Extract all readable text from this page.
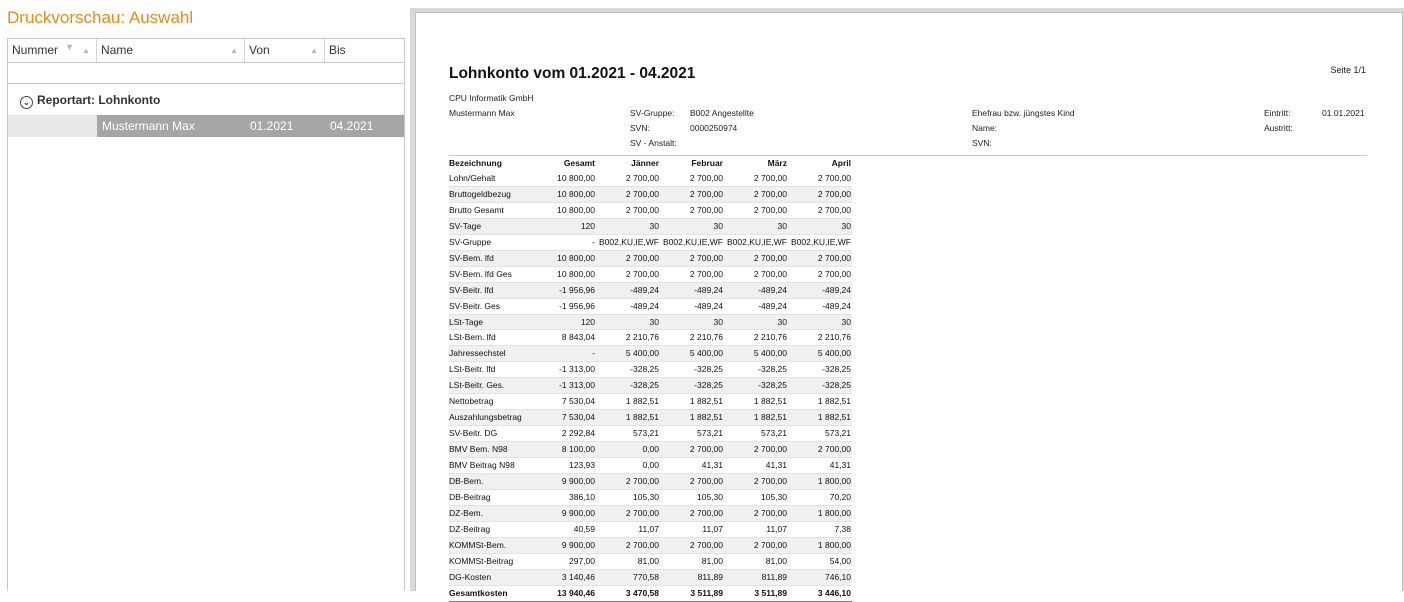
Druckvorschau: Auswahl
Nummer ▼ ▲ Name	▲ Von	▲ Bis
⌄ Reportart: Lohnkonto
Mustermann Max	01.2021	04.2021
Lohnkonto vom 01.2021 - 04.2021	Seite 1/1
CPU Informatik GmbH
Mustermann Max	SV-Gruppe: B002 Angestellte
SVN:	0000250974
SV - Anstalt:
Ehefrau bzw. jüngstes Kind
Name:
SVN:
Eintritt:	01.01.2021
Austritt:
Bezeichnung	Gesamt	Jänner	Februar	März	April
Lohn/Gehalt	10 800,00	2 700,00	2 700,00	2 700,00	2 700,00
Bruttogeldbezug	10 800,00	2 700,00	2 700,00	2 700,00	2 700,00
Brutto Gesamt	10 800,00	2 700,00	2 700,00	2 700,00	2 700,00
SV-Tage	120	30	30	30	30
SV-Gruppe	-	B002,KU,IE,WF	B002,KU,IE,WF	B002,KU,IE,WF	B002,KU,IE,WF
SV-Bem. lfd	10 800,00	2 700,00	2 700,00	2 700,00	2 700,00
SV-Bem. lfd Ges	10 800,00	2 700,00	2 700,00	2 700,00	2 700,00
SV-Beitr. lfd	-1 956,96	-489,24	-489,24	-489,24	-489,24
SV-Beitr. Ges	-1 956,96	-489,24	-489,24	-489,24	-489,24
LSt-Tage	120	30	30	30	30
LSt-Bem. lfd	8 843,04	2 210,76	2 210,76	2 210,76	2 210,76
Jahressechstel	-	5 400,00	5 400,00	5 400,00	5 400,00
LSt-Beitr. lfd	-1 313,00	-328,25	-328,25	-328,25	-328,25
LSt-Beitr. Ges.	-1 313,00	-328,25	-328,25	-328,25	-328,25
Nettobetrag	7 530,04	1 882,51	1 882,51	1 882,51	1 882,51
Auszahlungsbetrag	7 530,04	1 882,51	1 882,51	1 882,51	1 882,51
SV-Beitr. DG	2 292,84	573,21	573,21	573,21	573,21
BMV Bem. N98	8 100,00	0,00	2 700,00	2 700,00	2 700,00
BMV Beitrag N98	123,93	0,00	41,31	41,31	41,31
DB-Bem.	9 900,00	2 700,00	2 700,00	2 700,00	1 800,00
DB-Beitrag	386,10	105,30	105,30	105,30	70,20
DZ-Bem.	9 900,00	2 700,00	2 700,00	2 700,00	1 800,00
DZ-Beitrag	40,59	11,07	11,07	11,07	7,38
KOMMSt-Bem.	9 900,00	2 700,00	2 700,00	2 700,00	1 800,00
KOMMSt-Beitrag	297,00	81,00	81,00	81,00	54,00
DG-Kosten	3 140,46	770,58	811,89	811,89	746,10
Gesamtkosten	13 940,46	3 470,58	3 511,89	3 511,89	3 446,10
